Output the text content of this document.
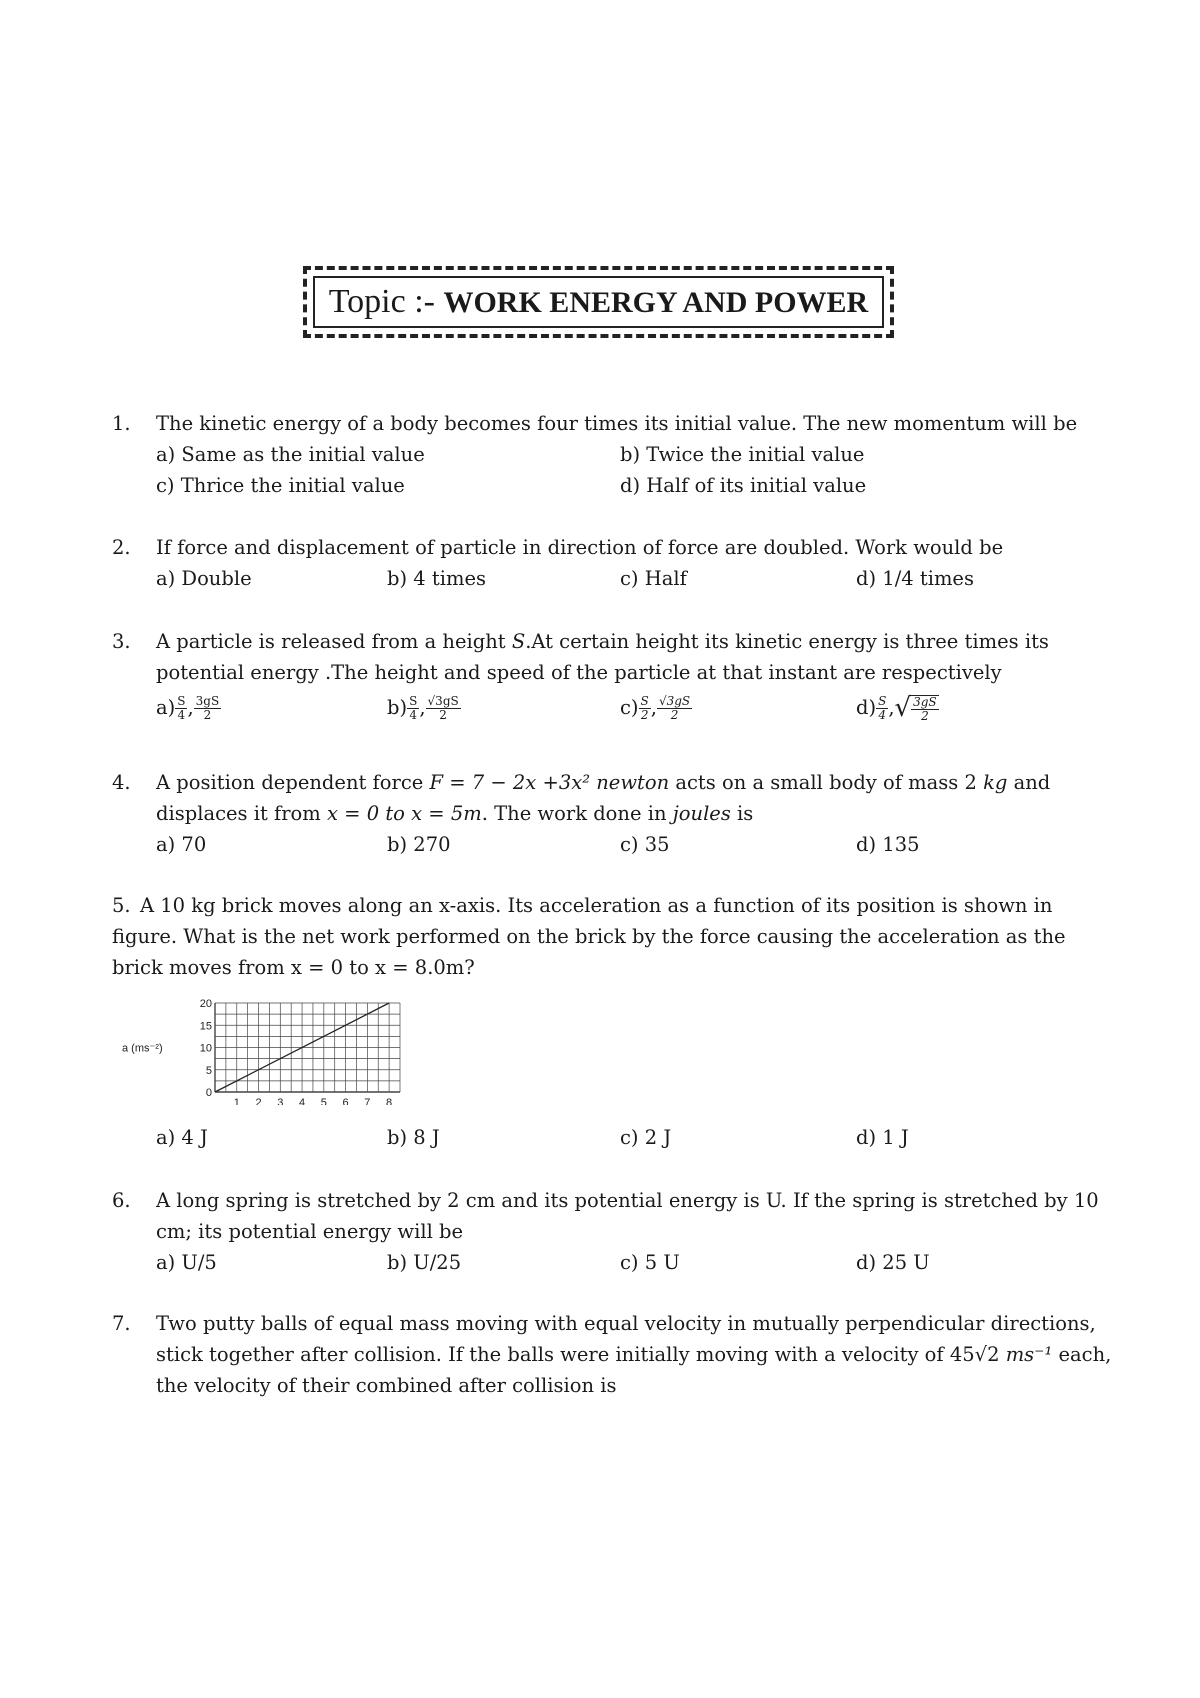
Topic :- WORK ENERGY AND POWER
1. The kinetic energy of a body becomes four times its initial value. The new momentum will be
a) Same as the initial value	b) Twice the initial value
c) Thrice the initial value	d) Half of its initial value
2. If force and displacement of particle in direction of force are doubled. Work would be
a) Double	b) 4 times	c) Half	d) 1/4 times
3. A particle is released from a height S.At certain height its kinetic energy is three times its
potential energy .The height and speed of the particle at that instant are respectively
$a) \frac{S}{4}$ , $\frac{3gS}{2}$	$b) \frac{S}{4}$ , $\frac{√3gS}{2}$	$c) \frac{S}{2}$ , $\frac{√3gS}{2}$	$d) \frac{S}{4}$ ,√ $\frac{3gS}{2}$
4. A position dependent force F = 7 − 2x +3x² newton acts on a small body of mass 2 kg and
displaces it from x = 0 to x = 5m. The work done in joules is
a) 70	b) 270	c) 35	d) 135
5. A 10 kg brick moves along an x-axis. Its acceleration as a function of its position is shown in
figure. What is the net work performed on the brick by the force causing the acceleration as the
brick moves from x = 0 to x = 8.0m?
0
5
10
15
20
1 2 3 4 5 6 7 8
a (ms⁻²)
a) 4 J	b) 8 J	c) 2 J	d) 1 J
6. A long spring is stretched by 2 cm and its potential energy is U. If the spring is stretched by 10
cm; its potential energy will be
a) U/5	b) U/25	c) 5 U	d) 25 U
7. Two putty balls of equal mass moving with equal velocity in mutually perpendicular directions,
stick together after collision. If the balls were initially moving with a velocity of 45√2 ms⁻¹ each,
the velocity of their combined after collision is
